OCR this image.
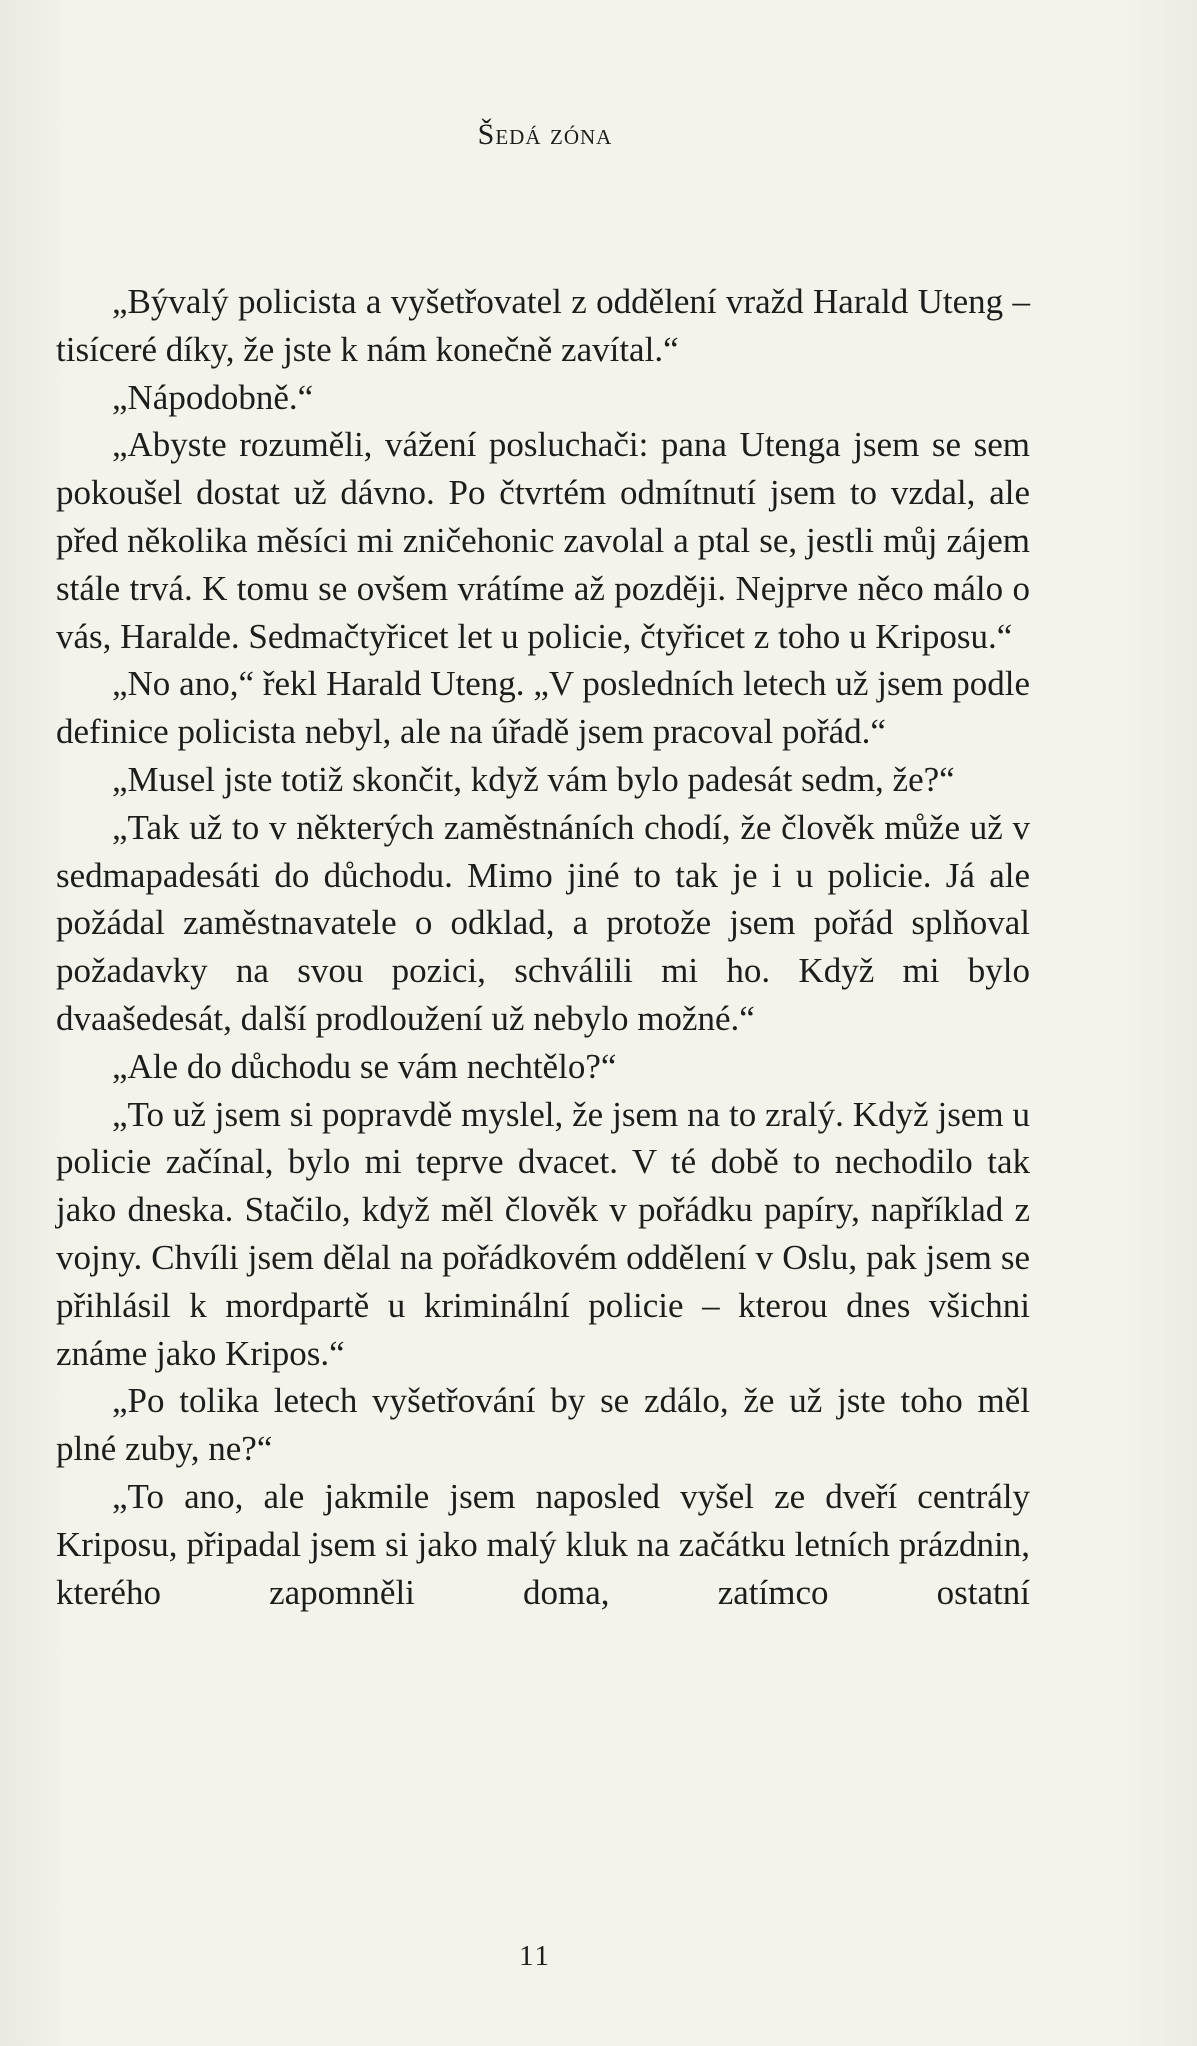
Šedá zóna

„Bývalý policista a vyšetřovatel z oddělení vražd Harald Uteng – tisíceré díky, že jste k nám konečně zavítal.“

„Nápodobně.“

„Abyste rozuměli, vážení posluchači: pana Utenga jsem se sem pokoušel dostat už dávno. Po čtvrtém odmítnutí jsem to vzdal, ale před několika měsíci mi zničehonic zavolal a ptal se, jestli můj zájem stále trvá. K tomu se ovšem vrátíme až později. Nejprve něco málo o vás, Haralde. Sedmačtyřicet let u policie, čtyřicet z toho u Kriposu.“

„No ano,“ řekl Harald Uteng. „V posledních letech už jsem podle definice policista nebyl, ale na úřadě jsem pracoval pořád.“

„Musel jste totiž skončit, když vám bylo padesát sedm, že?“

„Tak už to v některých zaměstnáních chodí, že člověk může už v sedmapadesáti do důchodu. Mimo jiné to tak je i u policie. Já ale požádal zaměstnavatele o odklad, a protože jsem pořád splňoval požadavky na svou pozici, schválili mi ho. Když mi bylo dvaašedesát, další prodloužení už nebylo možné.“

„Ale do důchodu se vám nechtělo?“

„To už jsem si popravdě myslel, že jsem na to zralý. Když jsem u policie začínal, bylo mi teprve dvacet. V té době to nechodilo tak jako dneska. Stačilo, když měl člověk v pořádku papíry, například z vojny. Chvíli jsem dělal na pořádkovém oddělení v Oslu, pak jsem se přihlásil k mordpartě u kriminální policie – kterou dnes všichni známe jako Kripos.“

„Po tolika letech vyšetřování by se zdálo, že už jste toho měl plné zuby, ne?“

„To ano, ale jakmile jsem naposled vyšel ze dveří centrály Kriposu, připadal jsem si jako malý kluk na začátku letních prázdnin, kterého zapomněli doma, zatímco ostatní

11
